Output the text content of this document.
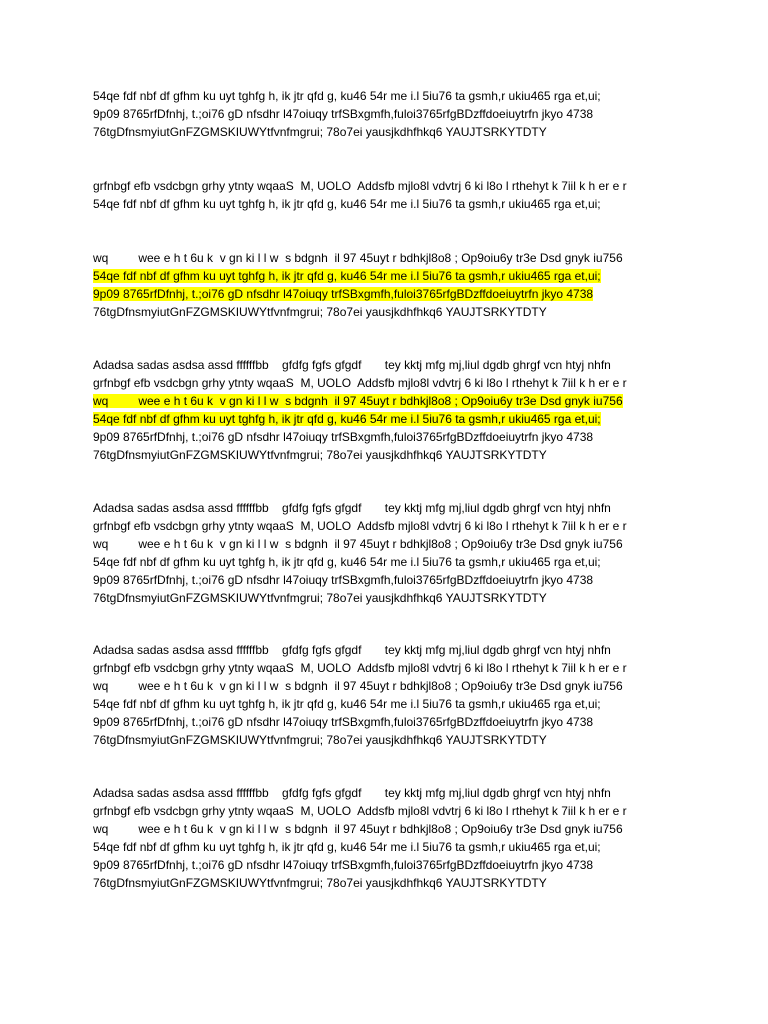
54qe fdf nbf df gfhm ku uyt tghfg h, ik jtr qfd g, ku46 54r me i.l 5iu76 ta gsmh,r ukiu465 rga et,ui;
9p09 8765rfDfnhj, t.;oi76 gD nfsdhr l47oiuqy trfSBxgmfh,fuloi3765rfgBDzffdoeiuytrfn jkyo 4738
76tgDfnsmyiutGnFZGMSKIUWYtfvnfmgrui; 78o7ei yausjkdhfhkq6 YAUJTSRKYTDTY
grfnbgf efb vsdcbgn grhy ytnty wqaaS  M, UOLO  Addsfb mjlo8l vdvtrj 6 ki l8o l rthehyt k 7iil k h er e r
54qe fdf nbf df gfhm ku uyt tghfg h, ik jtr qfd g, ku46 54r me i.l 5iu76 ta gsmh,r ukiu465 rga et,ui;
wq         wee e h t 6u k  v gn ki l l w  s bdgnh  il 97 45uyt r bdhkjl8o8 ; Op9oiu6y tr3e Dsd gnyk iu756
54qe fdf nbf df gfhm ku uyt tghfg h, ik jtr qfd g, ku46 54r me i.l 5iu76 ta gsmh,r ukiu465 rga et,ui;
9p09 8765rfDfnhj, t.;oi76 gD nfsdhr l47oiuqy trfSBxgmfh,fuloi3765rfgBDzffdoeiuytrfn jkyo 4738
76tgDfnsmyiutGnFZGMSKIUWYtfvnfmgrui; 78o7ei yausjkdhfhkq6 YAUJTSRKYTDTY
Adadsa sadas asdsa assd ffffffbb    gfdfg fgfs gfgdf       tey kktj mfg mj,liul dgdb ghrgf vcn htyj nhfn
grfnbgf efb vsdcbgn grhy ytnty wqaaS  M, UOLO  Addsfb mjlo8l vdvtrj 6 ki l8o l rthehyt k 7iil k h er e r
wq         wee e h t 6u k  v gn ki l l w  s bdgnh  il 97 45uyt r bdhkjl8o8 ; Op9oiu6y tr3e Dsd gnyk iu756
54qe fdf nbf df gfhm ku uyt tghfg h, ik jtr qfd g, ku46 54r me i.l 5iu76 ta gsmh,r ukiu465 rga et,ui;
9p09 8765rfDfnhj, t.;oi76 gD nfsdhr l47oiuqy trfSBxgmfh,fuloi3765rfgBDzffdoeiuytrfn jkyo 4738
76tgDfnsmyiutGnFZGMSKIUWYtfvnfmgrui; 78o7ei yausjkdhfhkq6 YAUJTSRKYTDTY
Adadsa sadas asdsa assd ffffffbb    gfdfg fgfs gfgdf       tey kktj mfg mj,liul dgdb ghrgf vcn htyj nhfn
grfnbgf efb vsdcbgn grhy ytnty wqaaS  M, UOLO  Addsfb mjlo8l vdvtrj 6 ki l8o l rthehyt k 7iil k h er e r
wq         wee e h t 6u k  v gn ki l l w  s bdgnh  il 97 45uyt r bdhkjl8o8 ; Op9oiu6y tr3e Dsd gnyk iu756
54qe fdf nbf df gfhm ku uyt tghfg h, ik jtr qfd g, ku46 54r me i.l 5iu76 ta gsmh,r ukiu465 rga et,ui;
9p09 8765rfDfnhj, t.;oi76 gD nfsdhr l47oiuqy trfSBxgmfh,fuloi3765rfgBDzffdoeiuytrfn jkyo 4738
76tgDfnsmyiutGnFZGMSKIUWYtfvnfmgrui; 78o7ei yausjkdhfhkq6 YAUJTSRKYTDTY
Adadsa sadas asdsa assd ffffffbb    gfdfg fgfs gfgdf       tey kktj mfg mj,liul dgdb ghrgf vcn htyj nhfn
grfnbgf efb vsdcbgn grhy ytnty wqaaS  M, UOLO  Addsfb mjlo8l vdvtrj 6 ki l8o l rthehyt k 7iil k h er e r
wq         wee e h t 6u k  v gn ki l l w  s bdgnh  il 97 45uyt r bdhkjl8o8 ; Op9oiu6y tr3e Dsd gnyk iu756
54qe fdf nbf df gfhm ku uyt tghfg h, ik jtr qfd g, ku46 54r me i.l 5iu76 ta gsmh,r ukiu465 rga et,ui;
9p09 8765rfDfnhj, t.;oi76 gD nfsdhr l47oiuqy trfSBxgmfh,fuloi3765rfgBDzffdoeiuytrfn jkyo 4738
76tgDfnsmyiutGnFZGMSKIUWYtfvnfmgrui; 78o7ei yausjkdhfhkq6 YAUJTSRKYTDTY
Adadsa sadas asdsa assd ffffffbb    gfdfg fgfs gfgdf       tey kktj mfg mj,liul dgdb ghrgf vcn htyj nhfn
grfnbgf efb vsdcbgn grhy ytnty wqaaS  M, UOLO  Addsfb mjlo8l vdvtrj 6 ki l8o l rthehyt k 7iil k h er e r
wq         wee e h t 6u k  v gn ki l l w  s bdgnh  il 97 45uyt r bdhkjl8o8 ; Op9oiu6y tr3e Dsd gnyk iu756
54qe fdf nbf df gfhm ku uyt tghfg h, ik jtr qfd g, ku46 54r me i.l 5iu76 ta gsmh,r ukiu465 rga et,ui;
9p09 8765rfDfnhj, t.;oi76 gD nfsdhr l47oiuqy trfSBxgmfh,fuloi3765rfgBDzffdoeiuytrfn jkyo 4738
76tgDfnsmyiutGnFZGMSKIUWYtfvnfmgrui; 78o7ei yausjkdhfhkq6 YAUJTSRKYTDTY
